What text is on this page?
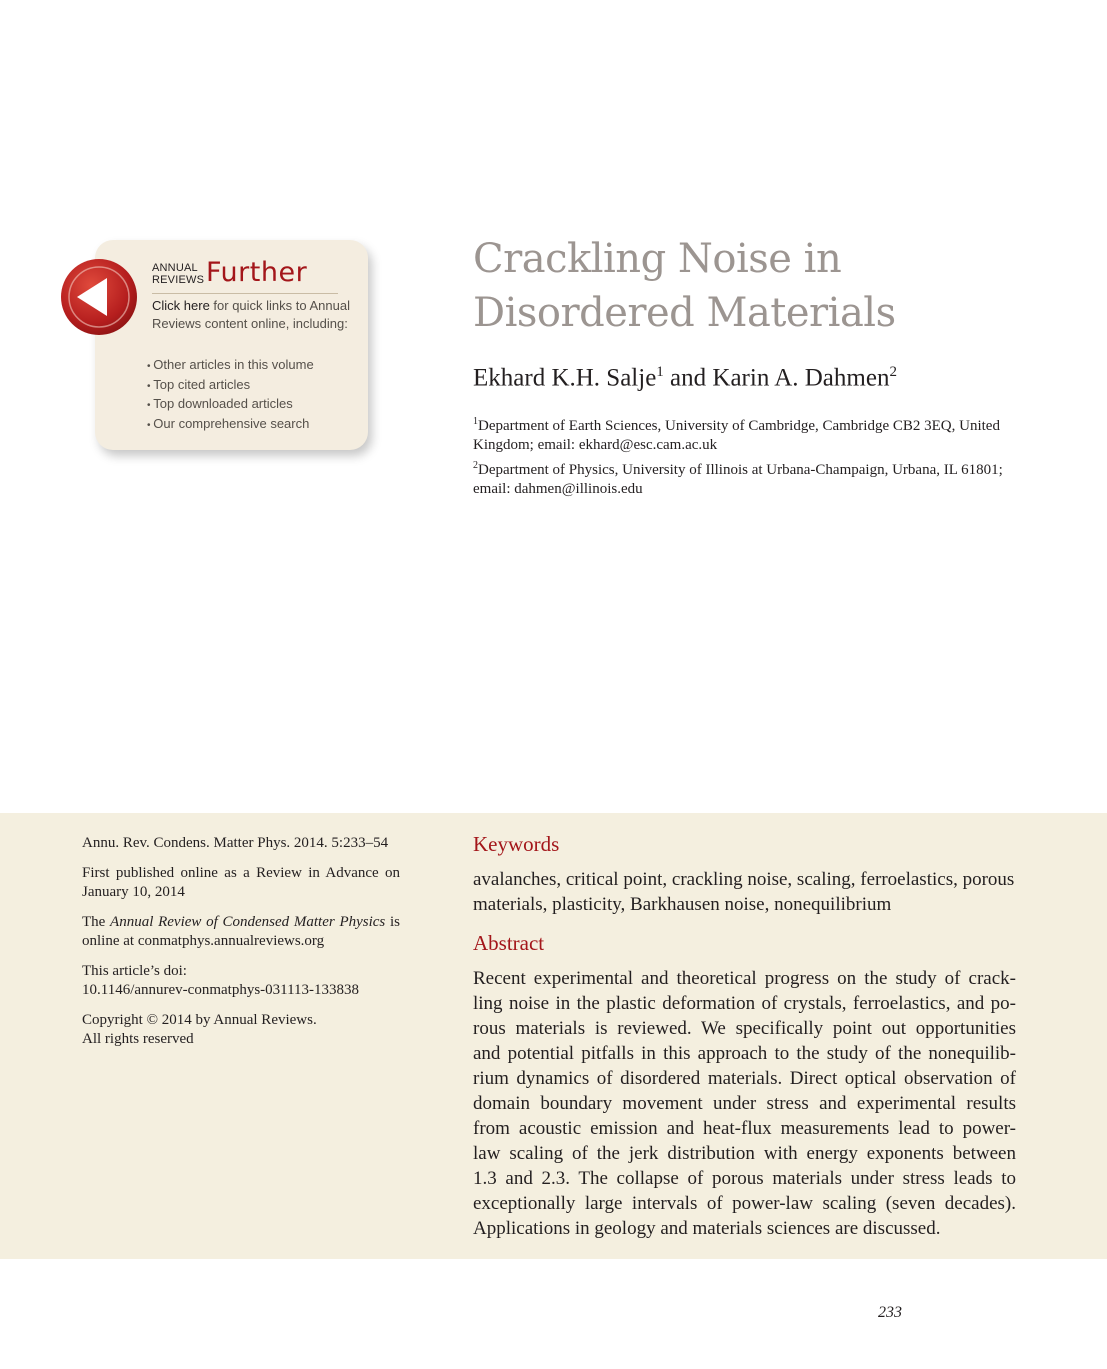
ANNUAL
REVIEWS Further
Click here for quick links to Annual Reviews content online, including:
• Other articles in this volume
• Top cited articles
• Top downloaded articles
• Our comprehensive search
Crackling Noise in
Disordered Materials
Ekhard K.H. Salje$^1$ and Karin A. Dahmen$^2$
$^1$Department of Earth Sciences, University of Cambridge, Cambridge CB2 3EQ, United Kingdom; email: ekhard@esc.cam.ac.uk
$^2$Department of Physics, University of Illinois at Urbana-Champaign, Urbana, IL 61801; email: dahmen@illinois.edu

Annu. Rev. Condens. Matter Phys. 2014. 5:233–54

First published online as a Review in Advance on January 10, 2014

The Annual Review of Condensed Matter Physics is online at conmatphys.annualreviews.org

This article’s doi:
10.1146/annurev-conmatphys-031113-133838

Copyright © 2014 by Annual Reviews.
All rights reserved

Keywords
avalanches, critical point, crackling noise, scaling, ferroelastics, porous materials, plasticity, Barkhausen noise, nonequilibrium
Abstract
Recent experimental and theoretical progress on the study of crack-
ling noise in the plastic deformation of crystals, ferroelastics, and po-
rous materials is reviewed. We specifically point out opportunities
and potential pitfalls in this approach to the study of the nonequilib-
rium dynamics of disordered materials. Direct optical observation of
domain boundary movement under stress and experimental results
from acoustic emission and heat-flux measurements lead to power-
law scaling of the jerk distribution with energy exponents between
1.3 and 2.3. The collapse of porous materials under stress leads to
exceptionally large intervals of power-law scaling (seven decades).
Applications in geology and materials sciences are discussed.
233
